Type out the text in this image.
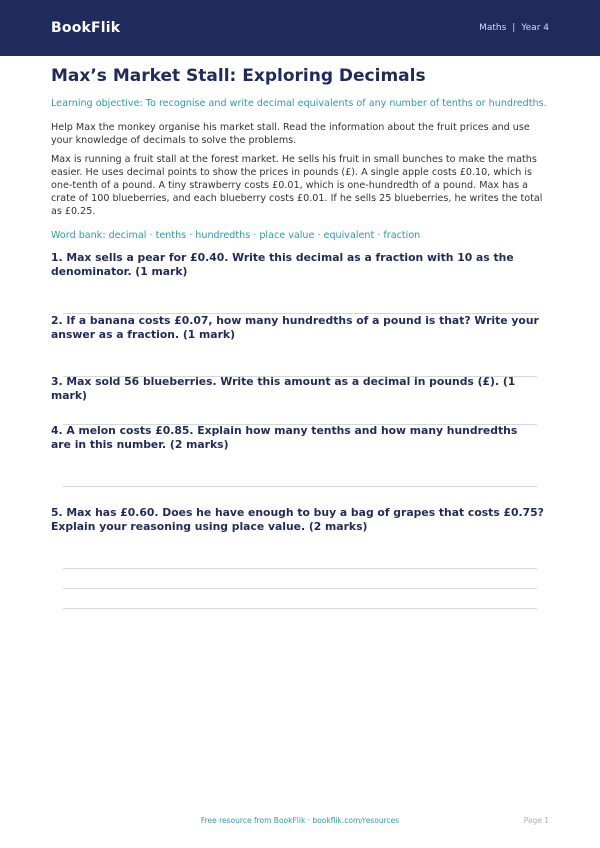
BookFlik	Maths | Year 4
Max’s Market Stall: Exploring Decimals

Learning objective: To recognise and write decimal equivalents of any number of tenths or hundredths.

Help Max the monkey organise his market stall. Read the information about the fruit prices and use your knowledge of decimals to solve the problems.

Max is running a fruit stall at the forest market. He sells his fruit in small bunches to make the maths easier. He uses decimal points to show the prices in pounds (£). A single apple costs £0.10, which is one-tenth of a pound. A tiny strawberry costs £0.01, which is one-hundredth of a pound. Max has a crate of 100 blueberries, and each blueberry costs £0.01. If he sells 25 blueberries, he writes the total as £0.25.

Word bank: decimal · tenths · hundredths · place value · equivalent · fraction

1. Max sells a pear for £0.40. Write this decimal as a fraction with 10 as the denominator. (1 mark)
2. If a banana costs £0.07, how many hundredths of a pound is that? Write your answer as a fraction. (1 mark)
3. Max sold 56 blueberries. Write this amount as a decimal in pounds (£). (1 mark)
4. A melon costs £0.85. Explain how many tenths and how many hundredths are in this number. (2 marks)
5. Max has £0.60. Does he have enough to buy a bag of grapes that costs £0.75? Explain your reasoning using place value. (2 marks)
Free resource from BookFlik · bookflik.com/resources	Page 1
